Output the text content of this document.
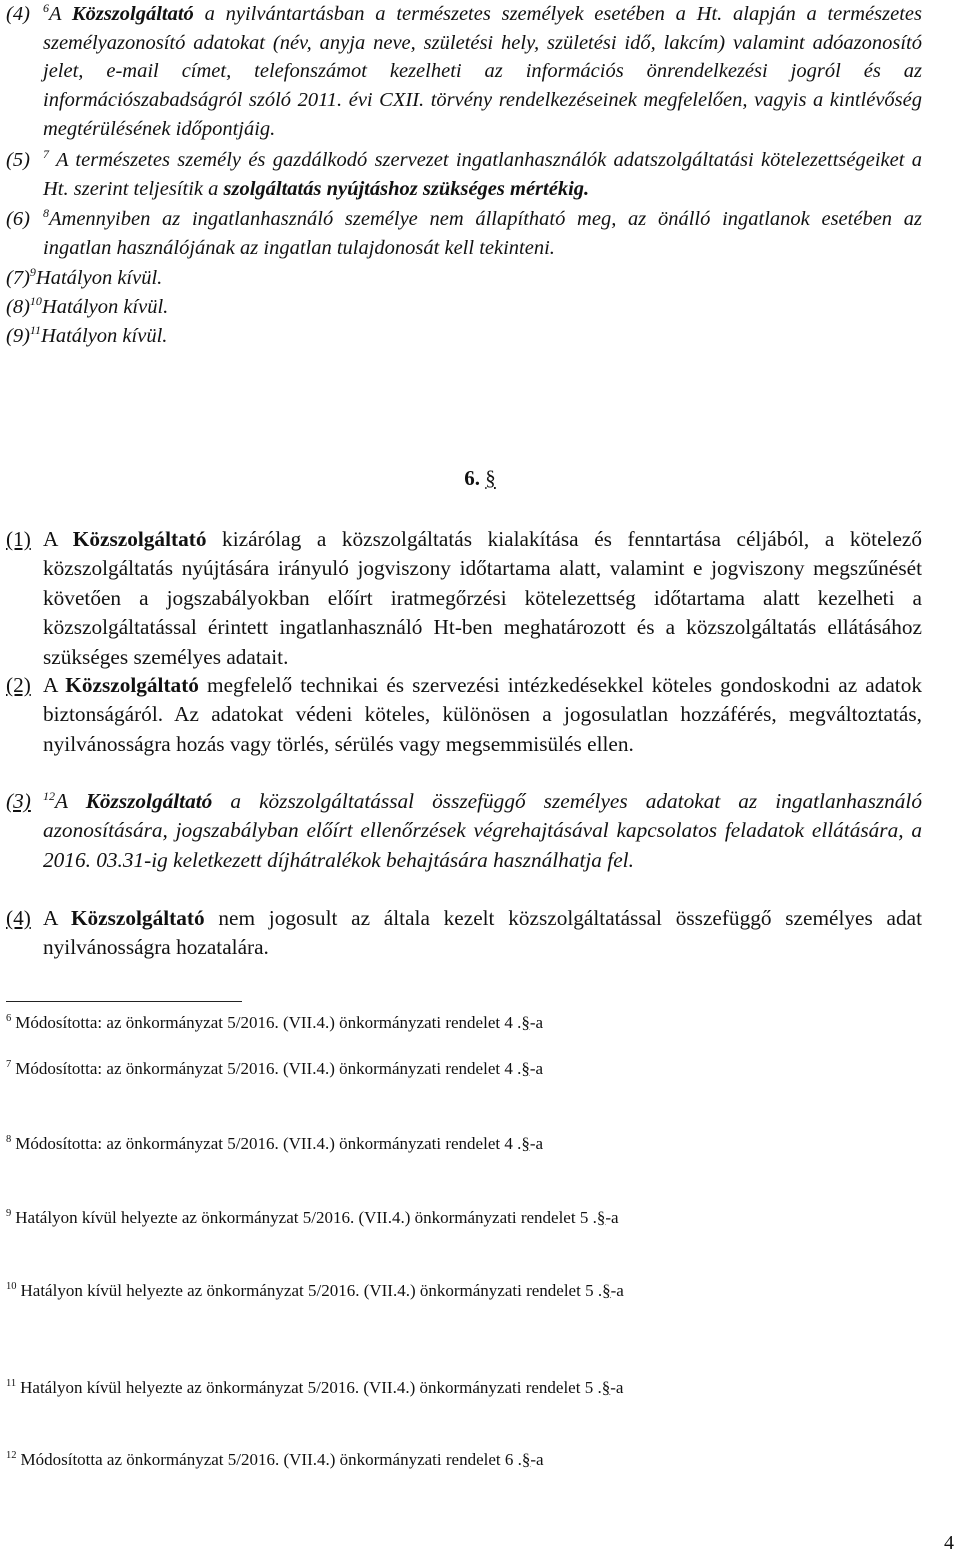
(4) $^6$A Közszolgáltató a nyilvántartásban a természetes személyek esetében a Ht. alapján a természetes személyazonosító adatokat (név, anyja neve, születési hely, születési idő, lakcím) valamint adóazonosító jelet, e-mail címet, telefonszámot kezelheti az információs önrendelkezési jogról és az információszabadságról szóló 2011. évi CXII. törvény rendelkezéseinek megfelelően, vagyis a kintlévőség megtérülésének időpontjáig.
(5) $^7$ A természetes személy és gazdálkodó szervezet ingatlanhasználók adatszolgáltatási kötelezettségeiket a Ht. szerint teljesítik a szolgáltatás nyújtáshoz szükséges mértékig.
(6) $^8$Amennyiben az ingatlanhasználó személye nem állapítható meg, az önálló ingatlanok esetében az ingatlan használójának az ingatlan tulajdonosát kell tekinteni.
$(7)^9Hatályon$ kívül.
$(8)^{10}Hatályon$ kívül.
$(9)^{11}Hatályon$ kívül.
6. §
(1) A Közszolgáltató kizárólag a közszolgáltatás kialakítása és fenntartása céljából, a kötelező közszolgáltatás nyújtására irányuló jogviszony időtartama alatt, valamint e jogviszony megszűnését követően a jogszabályokban előírt iratmegőrzési kötelezettség időtartama alatt kezelheti a közszolgáltatással érintett ingatlanhasználó Ht-ben meghatározott és a közszolgáltatás ellátásához szükséges személyes adatait.
(2) A Közszolgáltató megfelelő technikai és szervezési intézkedésekkel köteles gondoskodni az adatok biztonságáról. Az adatokat védeni köteles, különösen a jogosulatlan hozzáférés, megváltoztatás, nyilvánosságra hozás vagy törlés, sérülés vagy megsemmisülés ellen.
(3) $^{12}$A Közszolgáltató a közszolgáltatással összefüggő személyes adatokat az ingatlanhasználó azonosítására, jogszabályban előírt ellenőrzések végrehajtásával kapcsolatos feladatok ellátására, a 2016. 03.31-ig keletkezett díjhátralékok behajtására használhatja fel.
(4) A Közszolgáltató nem jogosult az általa kezelt közszolgáltatással összefüggő személyes adat nyilvánosságra hozatalára.
$^6$ Módosította: az önkormányzat 5/2016. (VII.4.) önkormányzati rendelet 4 .§-a
$^7$ Módosította: az önkormányzat 5/2016. (VII.4.) önkormányzati rendelet 4 .§-a
$^8$ Módosította: az önkormányzat 5/2016. (VII.4.) önkormányzati rendelet 4 .§-a
$^9$ Hatályon kívül helyezte az önkormányzat 5/2016. (VII.4.) önkormányzati rendelet 5 .§-a
$^{10}$ Hatályon kívül helyezte az önkormányzat 5/2016. (VII.4.) önkormányzati rendelet 5 .§-a
$^{11}$ Hatályon kívül helyezte az önkormányzat 5/2016. (VII.4.) önkormányzati rendelet 5 .§-a
$^{12}$ Módosította az önkormányzat 5/2016. (VII.4.) önkormányzati rendelet 6 .§-a
4
